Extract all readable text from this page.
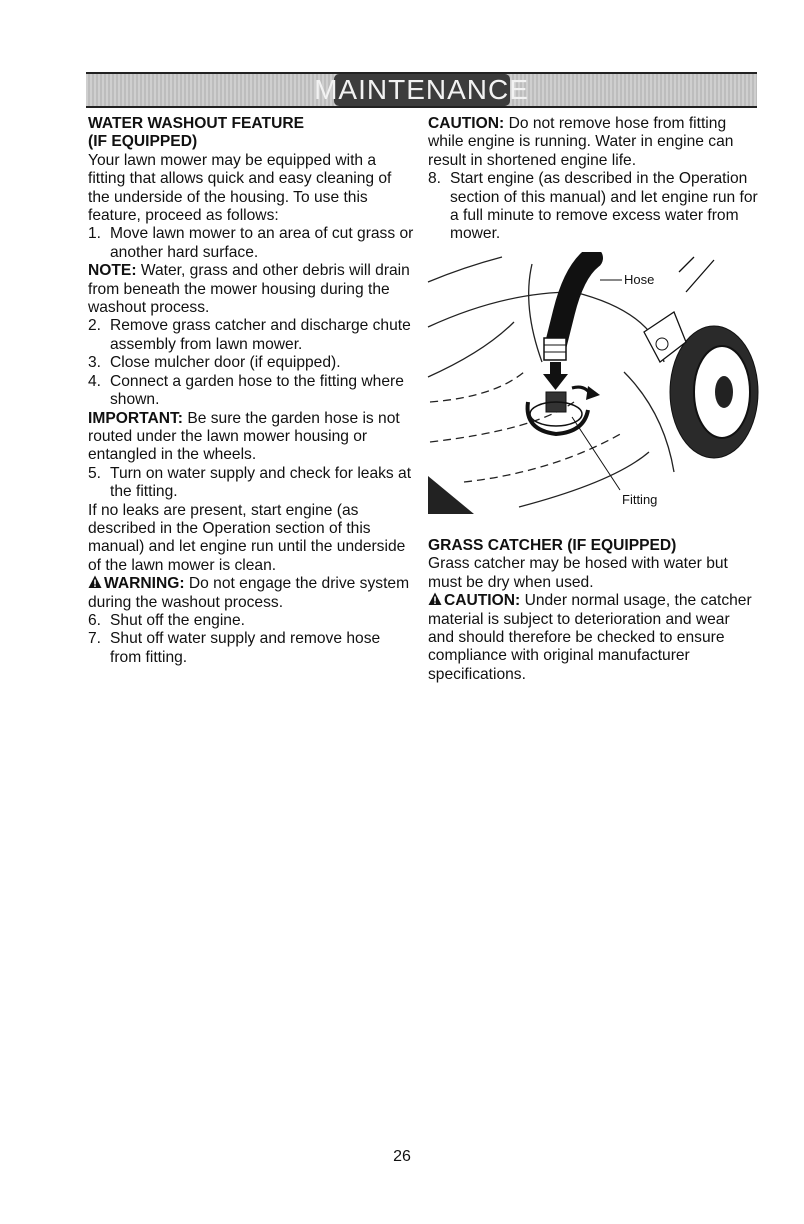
MAINTENANCE

WATER WASHOUT FEATURE

(IF EQUIPPED)

Your lawn mower may be equipped with a fitting that allows quick and easy cleaning of the underside of the housing. To use this feature, proceed as follows:

1. Move lawn mower to an area of cut grass or another hard surface.

NOTE: Water, grass and other debris will drain from beneath the mower housing during the washout process.

2. Remove grass catcher and discharge chute assembly from lawn mower.
3. Close mulcher door (if equipped).
4. Connect a garden hose to the fitting where shown.

IMPORTANT: Be sure the garden hose is not routed under the lawn mower housing or entangled in the wheels.

5. Turn on water supply and check for leaks at the fitting.

If no leaks are present, start engine (as described in the Operation section of this manual) and let engine run until the underside of the lawn mower is clean.

WARNING: Do not engage the drive system during the washout process.

6. Shut off the engine.
7. Shut off water supply and remove hose from fitting.

CAUTION: Do not remove hose from fitting while engine is running. Water in engine can result in shortened engine life.

8. Start engine (as described in the Operation section of this manual) and let engine run for a full minute to remove excess water from mower.
Hose
Fitting

GRASS CATCHER (IF EQUIPPED)

Grass catcher may be hosed with water but must be dry when used.

CAUTION: Under normal usage, the catcher material is subject to deterioration and wear and should therefore be checked to ensure compliance with original manufacturer specifications.

26
